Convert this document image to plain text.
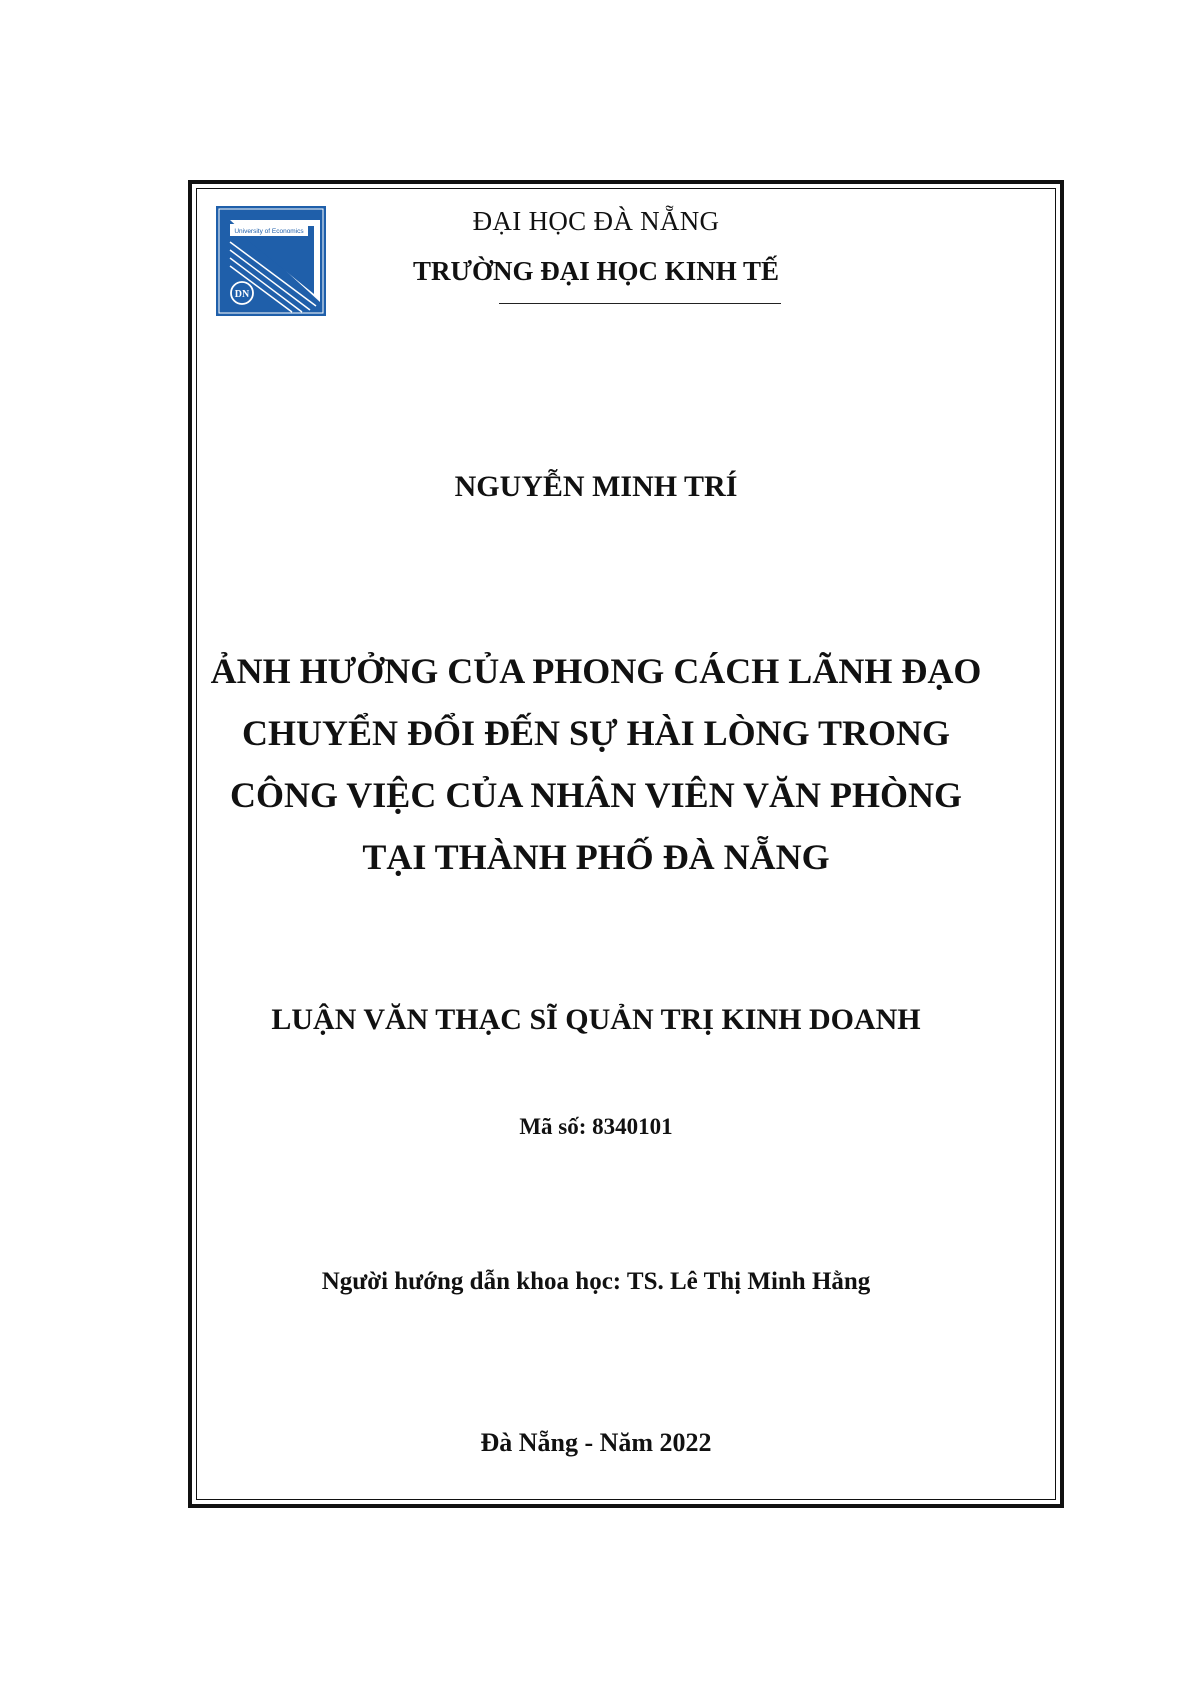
University of Economics
DN
ĐẠI HỌC ĐÀ NẴNG
TRƯỜNG ĐẠI HỌC KINH TẾ
NGUYỄN MINH TRÍ
ẢNH HƯỞNG CỦA PHONG CÁCH LÃNH ĐẠO
CHUYỂN ĐỔI ĐẾN SỰ HÀI LÒNG TRONG
CÔNG VIỆC CỦA NHÂN VIÊN VĂN PHÒNG
TẠI THÀNH PHỐ ĐÀ NẴNG
LUẬN VĂN THẠC SĨ QUẢN TRỊ KINH DOANH
Mã số: 8340101
Người hướng dẫn khoa học: TS. Lê Thị Minh Hằng
Đà Nẵng - Năm 2022
